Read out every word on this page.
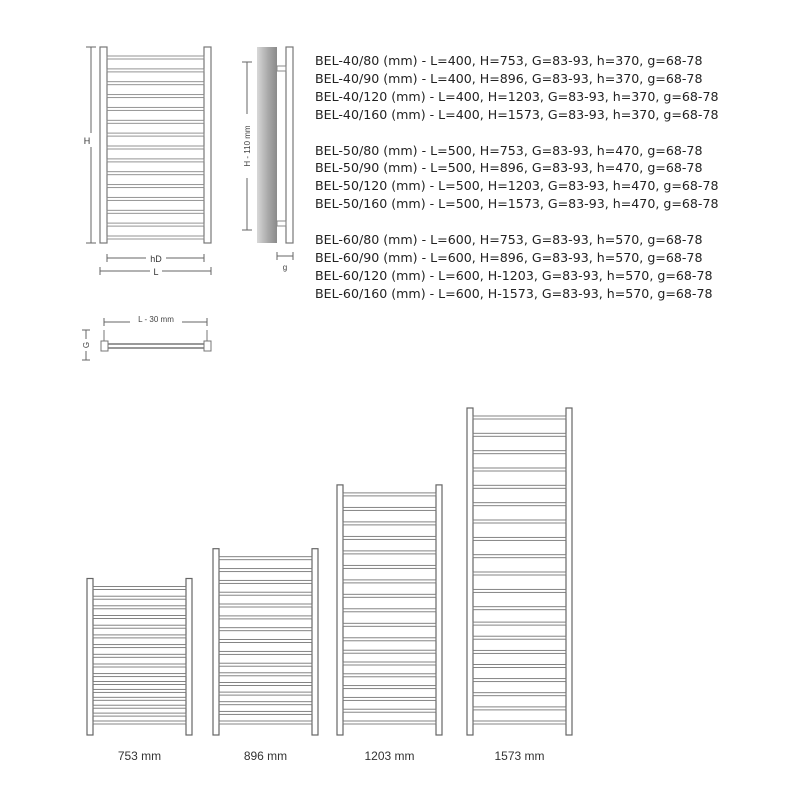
H
hD
L
H - 110 mm
g
L - 30 mm
G
753 mm	896 mm	1203 mm	1573 mm
BEL-40/80 (mm) - L=400, H=753, G=83-93, h=370, g=68-78
BEL-40/90 (mm) - L=400, H=896, G=83-93, h=370, g=68-78
BEL-40/120 (mm) - L=400, H=1203, G=83-93, h=370, g=68-78
BEL-40/160 (mm) - L=400, H=1573, G=83-93, h=370, g=68-78
BEL-50/80 (mm) - L=500, H=753, G=83-93, h=470, g=68-78
BEL-50/90 (mm) - L=500, H=896, G=83-93, h=470, g=68-78
BEL-50/120 (mm) - L=500, H=1203, G=83-93, h=470, g=68-78
BEL-50/160 (mm) - L=500, H=1573, G=83-93, h=470, g=68-78
BEL-60/80 (mm) - L=600, H=753, G=83-93, h=570, g=68-78
BEL-60/90 (mm) - L=600, H=896, G=83-93, h=570, g=68-78
BEL-60/120 (mm) - L=600, H-1203, G=83-93, h=570, g=68-78
BEL-60/160 (mm) - L=600, H-1573, G=83-93, h=570, g=68-78
